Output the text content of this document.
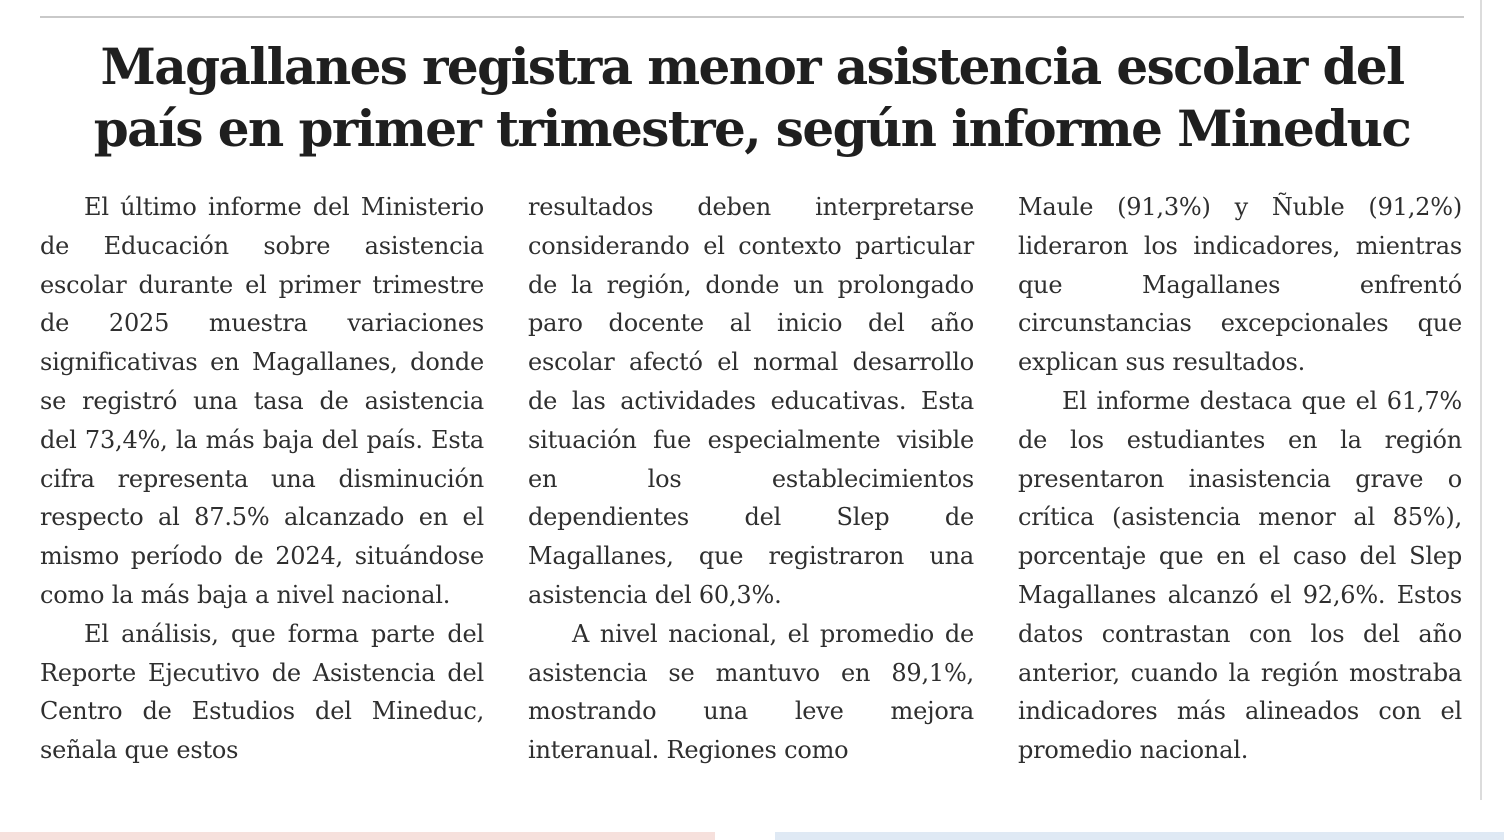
Magallanes registra menor asistencia escolar del
país en primer trimestre, según informe Mineduc

El último informe del Ministerio de Educación sobre asistencia escolar durante el primer trimestre de 2025 muestra variaciones significativas en Magallanes, donde se registró una tasa de asistencia del 73,4%, la más baja del país. Esta cifra representa una disminución respecto al 87.5% alcanzado en el mismo período de 2024, situándose como la más baja a nivel nacional.

El análisis, que forma parte del Reporte Ejecutivo de Asistencia del Centro de Estudios del Mineduc, señala que estos

resultados deben interpretarse considerando el contexto particular de la región, donde un prolongado paro docente al inicio del año escolar afectó el normal desarrollo de las actividades educativas. Esta situación fue especialmente visible en los establecimientos dependientes del Slep de Magallanes, que registraron una asistencia del 60,3%.

A nivel nacional, el promedio de asistencia se mantuvo en 89,1%, mostrando una leve mejora interanual. Regiones como

Maule (91,3%) y Ñuble (91,2%) lideraron los indicadores, mientras que Magallanes enfrentó circunstancias excepcionales que explican sus resultados.

El informe destaca que el 61,7% de los estudiantes en la región presentaron inasistencia grave o crítica (asistencia menor al 85%), porcentaje que en el caso del Slep Magallanes alcanzó el 92,6%. Estos datos contrastan con los del año anterior, cuando la región mostraba indicadores más alineados con el promedio nacional.
